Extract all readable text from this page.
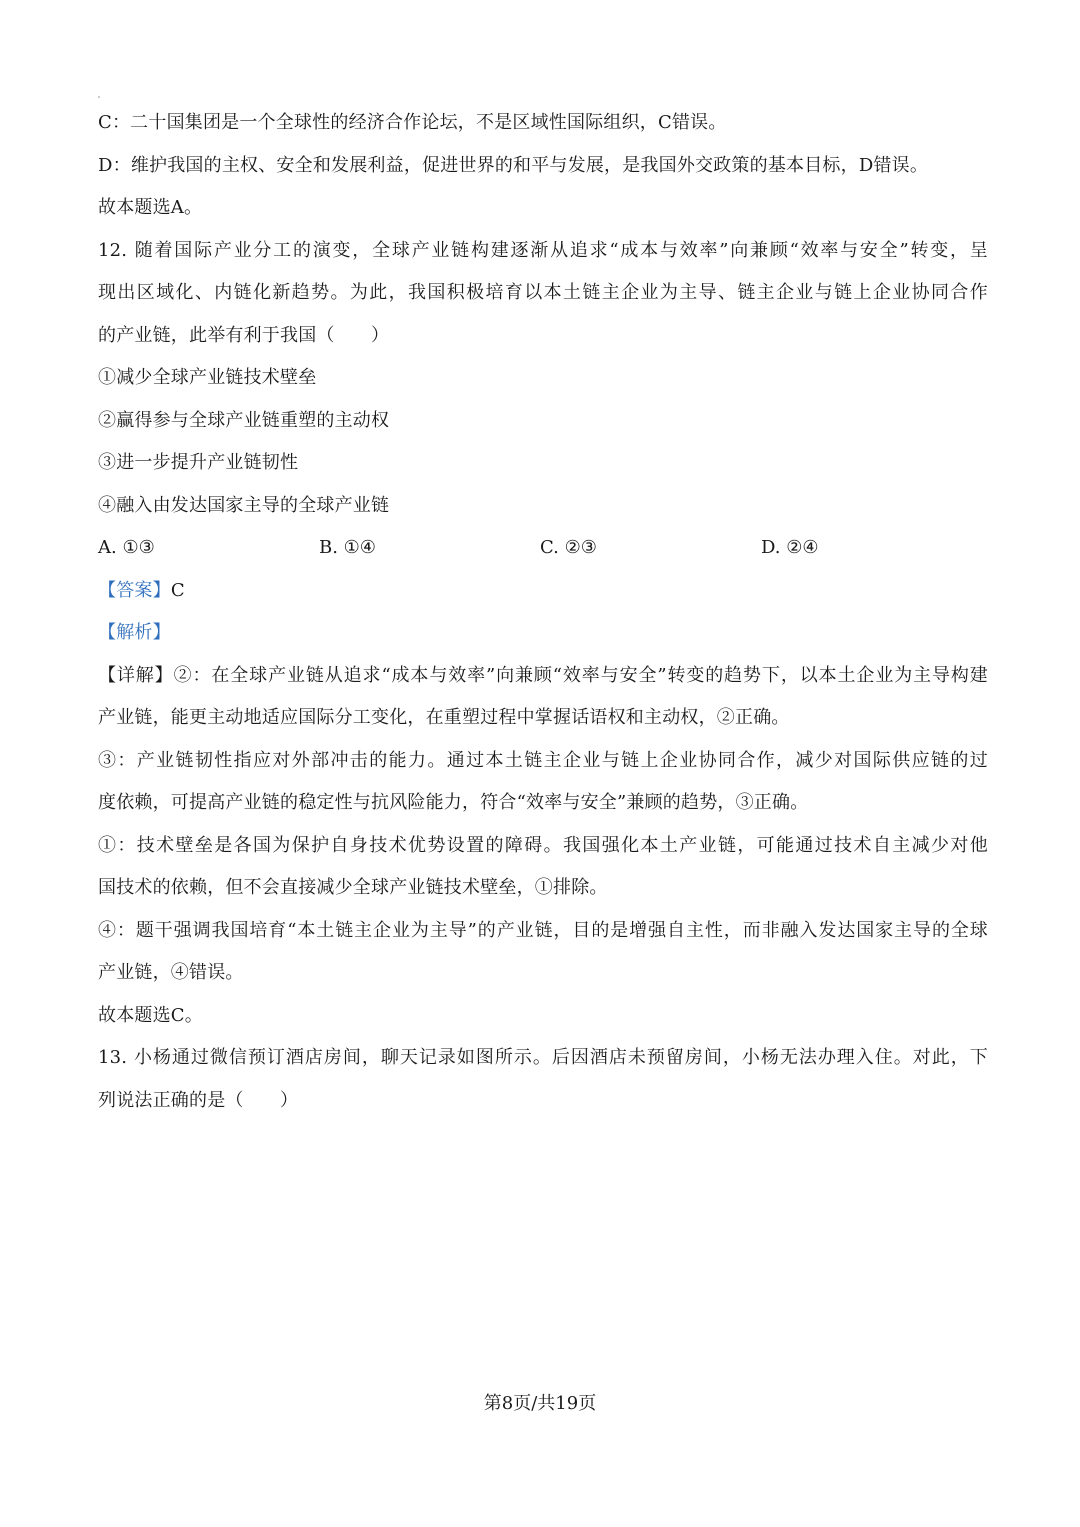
C：二十国集团是一个全球性的经济合作论坛，不是区域性国际组织，C错误。
D：维护我国的主权、安全和发展利益，促进世界的和平与发展，是我国外交政策的基本目标，D错误。
故本题选A。
12. 随着国际产业分工的演变，全球产业链构建逐渐从追求“成本与效率”向兼顾“效率与安全”转变，呈
现出区域化、内链化新趋势。为此，我国积极培育以本土链主企业为主导、链主企业与链上企业协同合作
的产业链，此举有利于我国（　　）
①减少全球产业链技术壁垒
②赢得参与全球产业链重塑的主动权
③进一步提升产业链韧性
④融入由发达国家主导的全球产业链
A. ①③	B. ①④	C. ②③	D. ②④
【答案】C
【解析】
【详解】②：在全球产业链从追求“成本与效率”向兼顾“效率与安全”转变的趋势下，以本土企业为主导构建
产业链，能更主动地适应国际分工变化，在重塑过程中掌握话语权和主动权，②正确。
③：产业链韧性指应对外部冲击的能力。通过本土链主企业与链上企业协同合作，减少对国际供应链的过
度依赖，可提高产业链的稳定性与抗风险能力，符合“效率与安全”兼顾的趋势，③正确。
①：技术壁垒是各国为保护自身技术优势设置的障碍。我国强化本土产业链，可能通过技术自主减少对他
国技术的依赖，但不会直接减少全球产业链技术壁垒，①排除。
④：题干强调我国培育“本土链主企业为主导”的产业链，目的是增强自主性，而非融入发达国家主导的全球
产业链，④错误。
故本题选C。
13. 小杨通过微信预订酒店房间，聊天记录如图所示。后因酒店未预留房间，小杨无法办理入住。对此，下
列说法正确的是（　　）
第8页/共19页
